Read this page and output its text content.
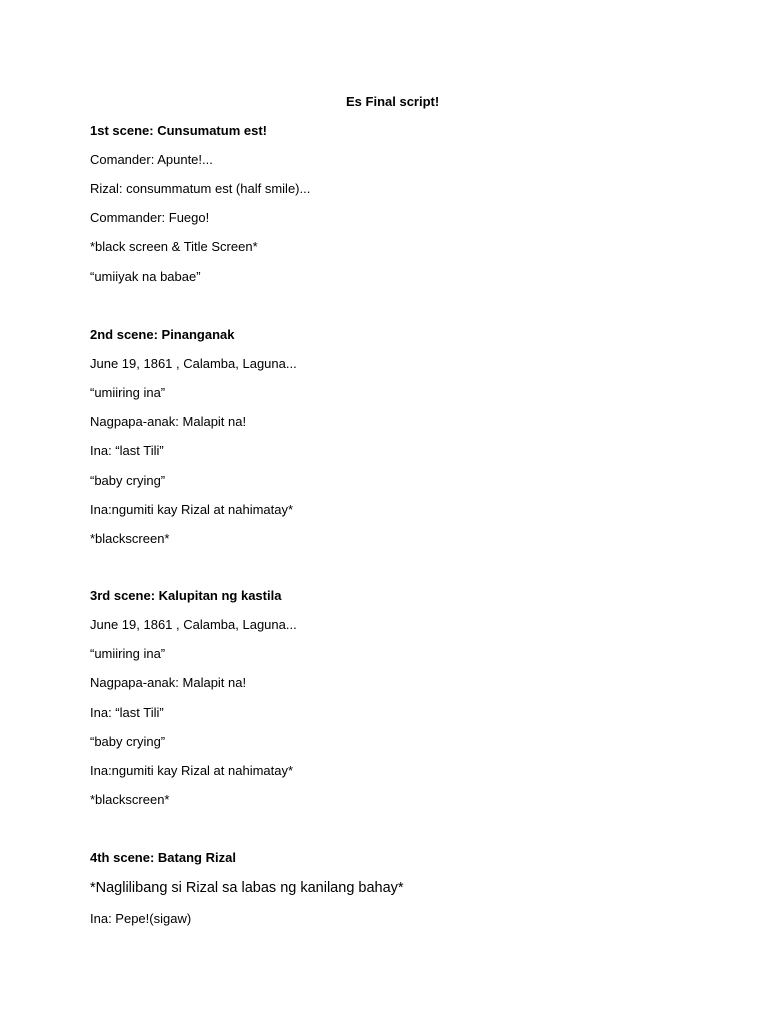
Es Final script!
1st scene: Cunsumatum est!
Comander: Apunte!...
Rizal: consummatum est (half smile)...
Commander: Fuego!
*black screen & Title Screen*
“umiiyak na babae”
2nd scene: Pinanganak
June 19, 1861 , Calamba, Laguna...
“umiiring ina”
Nagpapa-anak: Malapit na!
Ina: “last Tili”
“baby crying”
Ina:ngumiti kay Rizal at nahimatay*
*blackscreen*
3rd scene: Kalupitan ng kastila
June 19, 1861 , Calamba, Laguna...
“umiiring ina”
Nagpapa-anak: Malapit na!
Ina: “last Tili”
“baby crying”
Ina:ngumiti kay Rizal at nahimatay*
*blackscreen*
4th scene: Batang Rizal
*Naglilibang si Rizal sa labas ng kanilang bahay*
Ina: Pepe!(sigaw)
